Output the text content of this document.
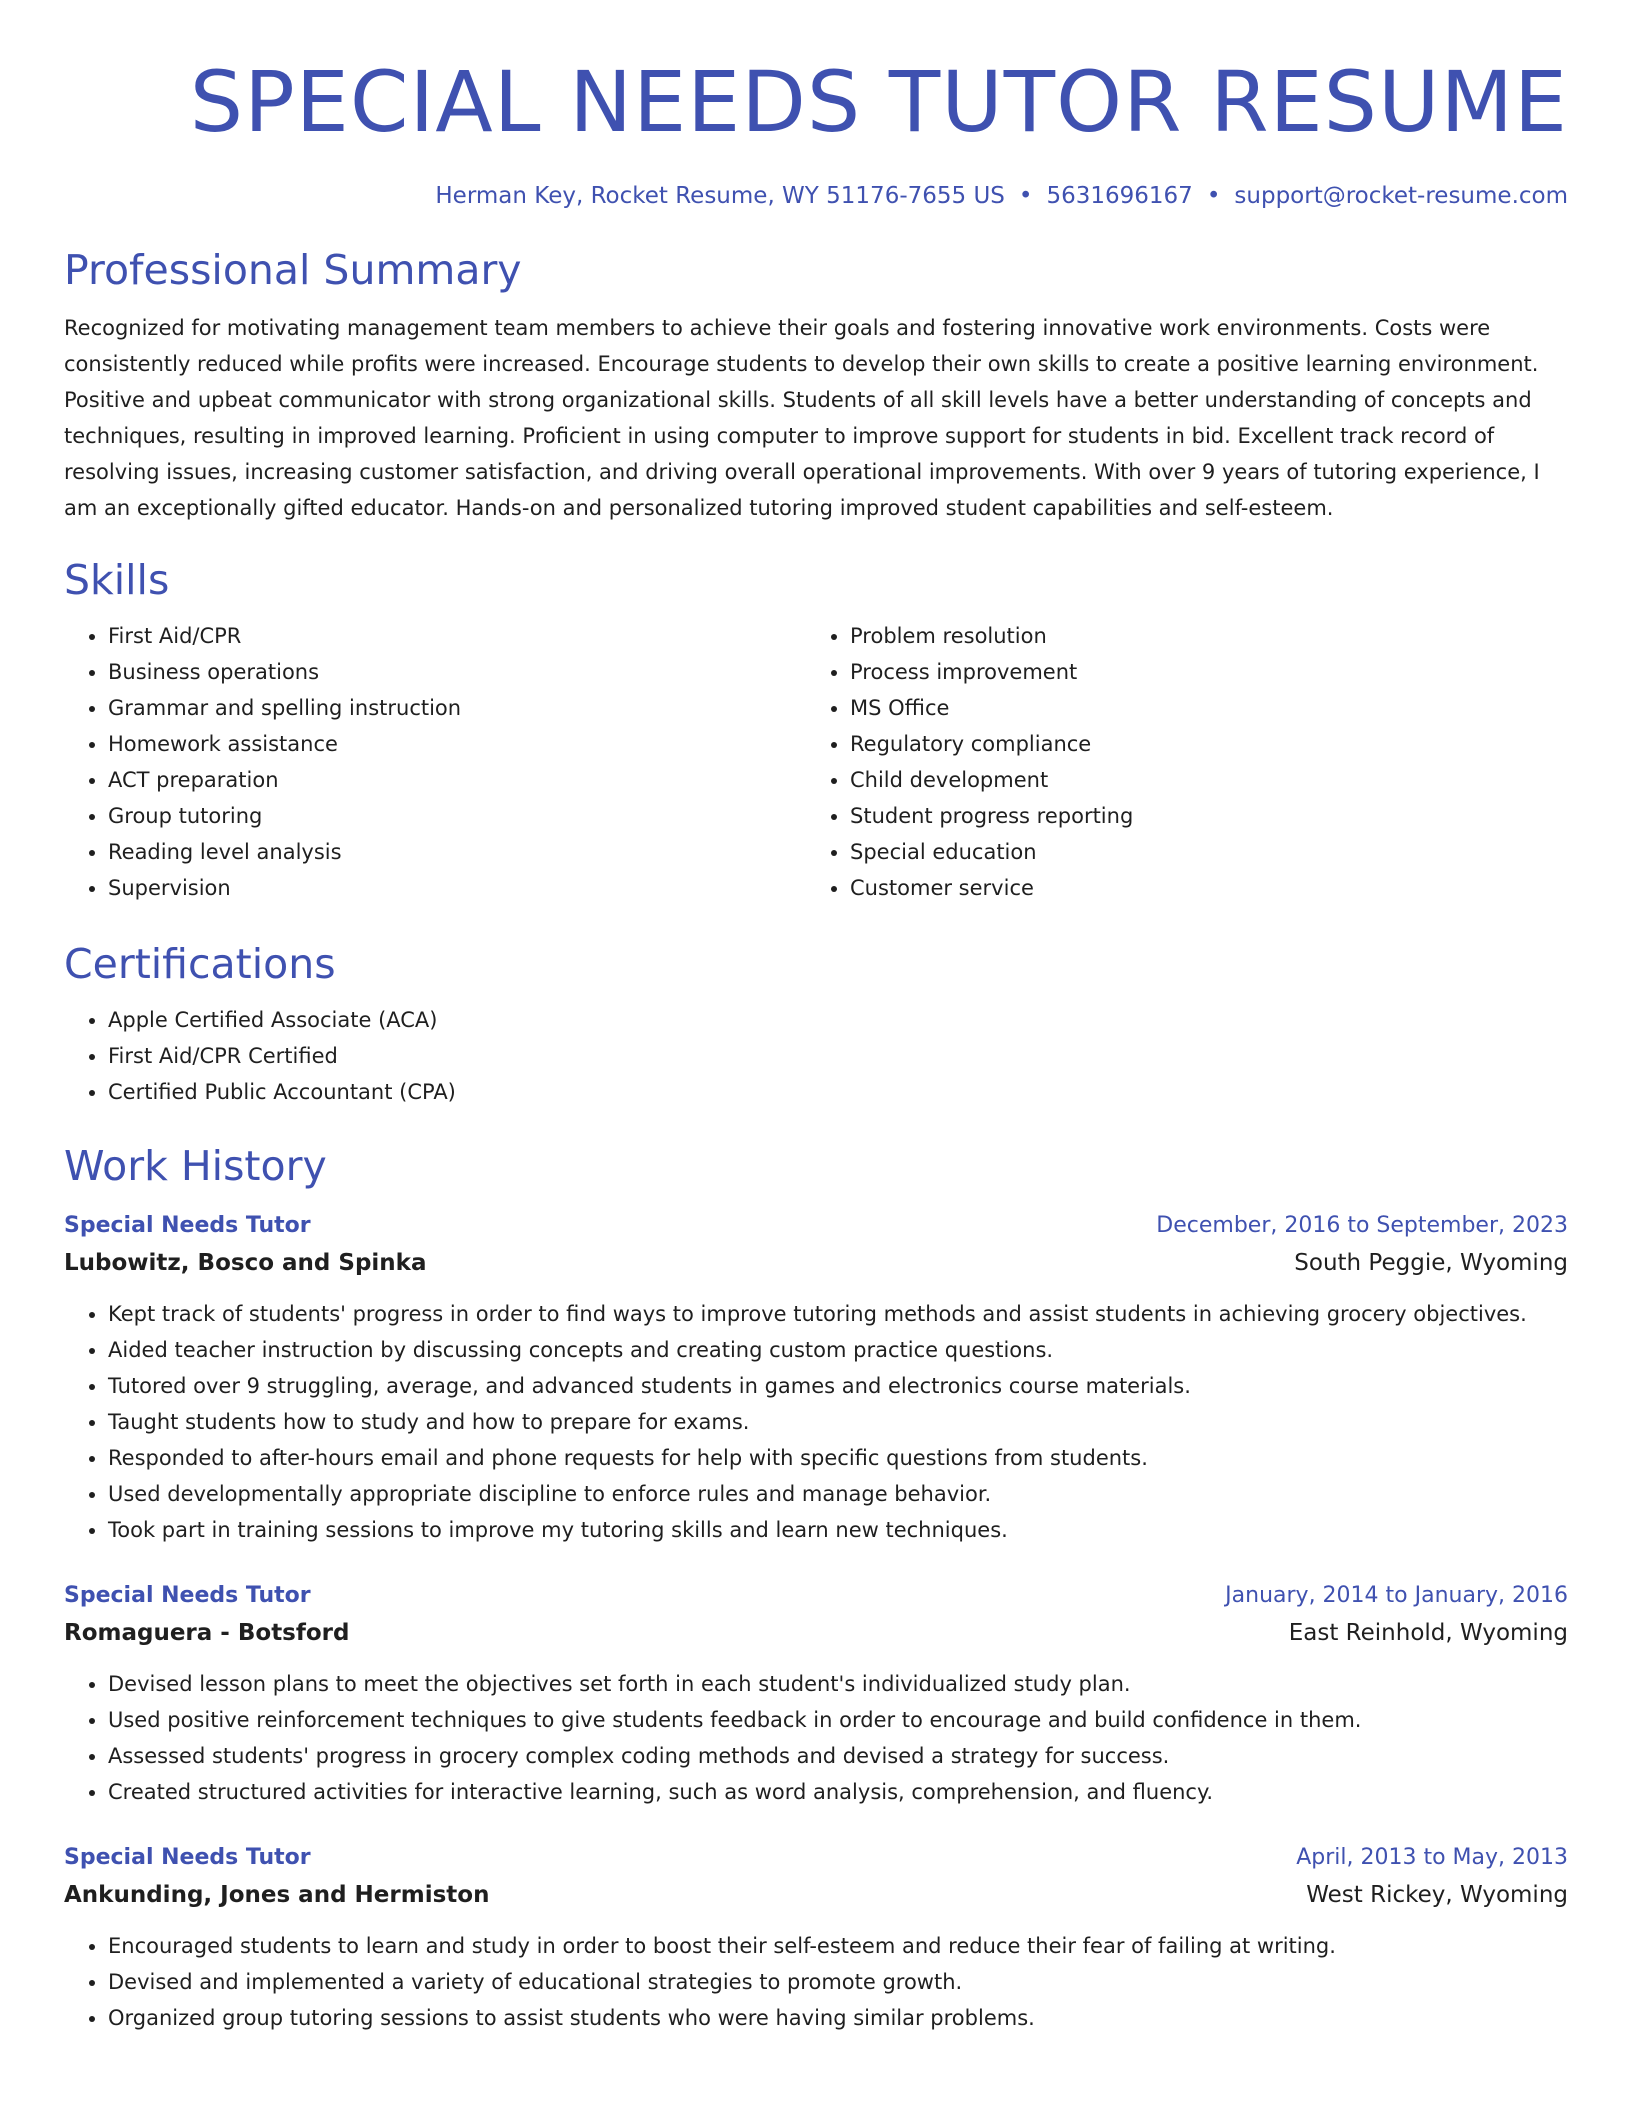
SPECIAL NEEDS TUTOR RESUME
Herman Key, Rocket Resume, WY 51176-7655 US • 5631696167 • support@rocket-resume.com
Professional Summary

Recognized for motivating management team members to achieve their goals and fostering innovative work environments. Costs were consistently reduced while profits were increased. Encourage students to develop their own skills to create a positive learning environment. Positive and upbeat communicator with strong organizational skills. Students of all skill levels have a better understanding of concepts and techniques, resulting in improved learning. Proficient in using computer to improve support for students in bid. Excellent track record of resolving issues, increasing customer satisfaction, and driving overall operational improvements. With over 9 years of tutoring experience, I am an exceptionally gifted educator. Hands-on and personalized tutoring improved student capabilities and self-esteem.

Skills
• First Aid/CPR
• Business operations
• Grammar and spelling instruction
• Homework assistance
• ACT preparation
• Group tutoring
• Reading level analysis
• Supervision
• Problem resolution
• Process improvement
• MS Office
• Regulatory compliance
• Child development
• Student progress reporting
• Special education
• Customer service
Certifications
• Apple Certified Associate (ACA)
• First Aid/CPR Certified
• Certified Public Accountant (CPA)
Work History
Special Needs Tutor	December, 2016 to September, 2023
Lubowitz, Bosco and Spinka	South Peggie, Wyoming
• Kept track of students' progress in order to find ways to improve tutoring methods and assist students in achieving grocery objectives.
• Aided teacher instruction by discussing concepts and creating custom practice questions.
• Tutored over 9 struggling, average, and advanced students in games and electronics course materials.
• Taught students how to study and how to prepare for exams.
• Responded to after-hours email and phone requests for help with specific questions from students.
• Used developmentally appropriate discipline to enforce rules and manage behavior.
• Took part in training sessions to improve my tutoring skills and learn new techniques.
Special Needs Tutor	January, 2014 to January, 2016
Romaguera - Botsford	East Reinhold, Wyoming
• Devised lesson plans to meet the objectives set forth in each student's individualized study plan.
• Used positive reinforcement techniques to give students feedback in order to encourage and build confidence in them.
• Assessed students' progress in grocery complex coding methods and devised a strategy for success.
• Created structured activities for interactive learning, such as word analysis, comprehension, and fluency.
Special Needs Tutor	April, 2013 to May, 2013
Ankunding, Jones and Hermiston	West Rickey, Wyoming
• Encouraged students to learn and study in order to boost their self-esteem and reduce their fear of failing at writing.
• Devised and implemented a variety of educational strategies to promote growth.
• Organized group tutoring sessions to assist students who were having similar problems.
